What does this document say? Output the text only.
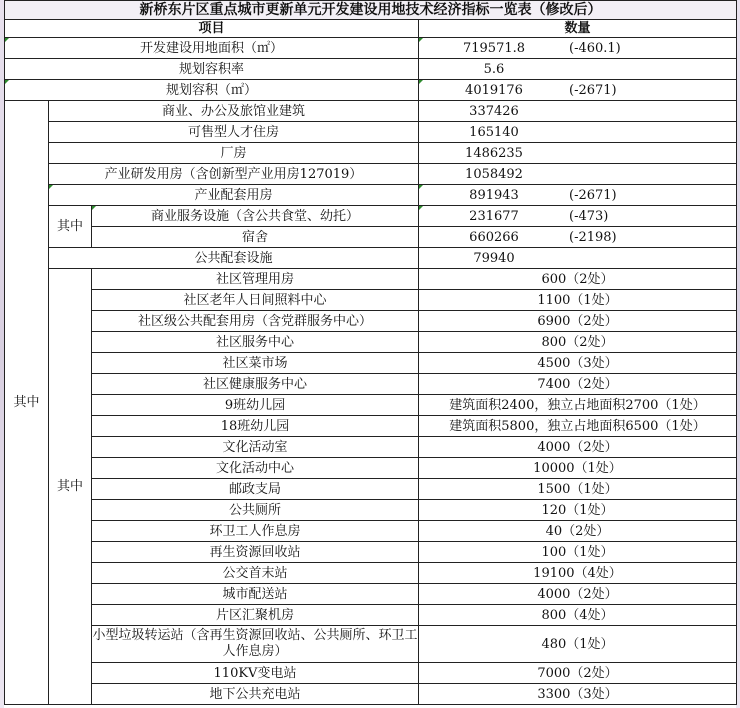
新桥东片区重点城市更新单元开发建设用地技术经济指标一览表（修改后）			
项目			数量
开发建设用地面积（㎡）			719571.8 (-460.1)
规划容积率			5.6
规划容积（㎡）			4019176 (-2671)
其中	商业、办公及旅馆业建筑		337426
	可售型人才住房		165140
	厂房		1486235
	产业研发用房（含创新型产业用房127019）		1058492
	产业配套用房		891943 (-2671)
	其中	商业服务设施（含公共食堂、幼托）	231677 (-473)
		宿舍	660266 (-2198)
	公共配套设施		79940
	其中	社区管理用房	600（2处）
		社区老年人日间照料中心	1100（1处）
		社区级公共配套用房（含党群服务中心）	6900（2处）
		社区服务中心	800（2处）
		社区菜市场	4500（3处）
		社区健康服务中心	7400（2处）
		9班幼儿园	建筑面积2400，独立占地面积2700（1处）
		18班幼儿园	建筑面积5800，独立占地面积6500（1处）
		文化活动室	4000（2处）
		文化活动中心	10000（1处）
		邮政支局	1500（1处）
		公共厕所	120（1处）
		环卫工人作息房	40（2处）
		再生资源回收站	100（1处）
		公交首末站	19100（4处）
		城市配送站	4000（2处）
		片区汇聚机房	800（4处）
		小型垃圾转运站（含再生资源回收站、公共厕所、环卫工人作息房）	480（1处）
		110KV变电站	7000（2处）
		地下公共充电站	3300（3处）
